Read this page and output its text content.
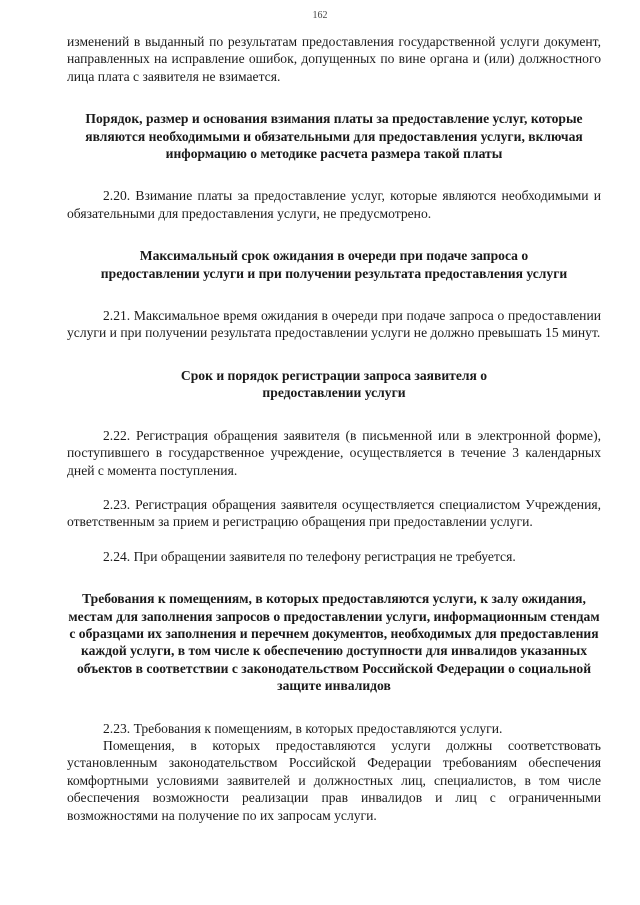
162

изменений в выданный по результатам предоставления государственной услуги документ, направленных на исправление ошибок, допущенных по вине органа и (или) должностного лица плата с заявителя не взимается.

Порядок, размер и основания взимания платы за предоставление услуг, которые являются необходимыми и обязательными для предоставления услуги, включая информацию о методике расчета размера такой платы

2.20. Взимание платы за предоставление услуг, которые являются необходимыми и обязательными для предоставления услуги, не предусмотрено.

Максимальный срок ожидания в очереди при подаче запроса о предоставлении услуги и при получении результата предоставления услуги

2.21. Максимальное время ожидания в очереди при подаче запроса о предоставлении услуги и при получении результата предоставлении услуги не должно превышать 15 минут.

Срок и порядок регистрации запроса заявителя о предоставлении услуги

2.22. Регистрация обращения заявителя (в письменной или в электронной форме), поступившего в государственное учреждение, осуществляется в течение 3 календарных дней с момента поступления.

2.23. Регистрация обращения заявителя осуществляется специалистом Учреждения, ответственным за прием и регистрацию обращения при предоставлении услуги.

2.24. При обращении заявителя по телефону регистрация не требуется.

Требования к помещениям, в которых предоставляются услуги, к залу ожидания, местам для заполнения запросов о предоставлении услуги, информационным стендам с образцами их заполнения и перечнем документов, необходимых для предоставления каждой услуги, в том числе к обеспечению доступности для инвалидов указанных объектов в соответствии с законодательством Российской Федерации о социальной защите инвалидов

2.23. Требования к помещениям, в которых предоставляются услуги.

Помещения, в которых предоставляются услуги должны соответствовать установленным законодательством Российской Федерации требованиям обеспечения комфортными условиями заявителей и должностных лиц, специалистов, в том числе обеспечения возможности реализации прав инвалидов и лиц с ограниченными возможностями на получение по их запросам услуги.
